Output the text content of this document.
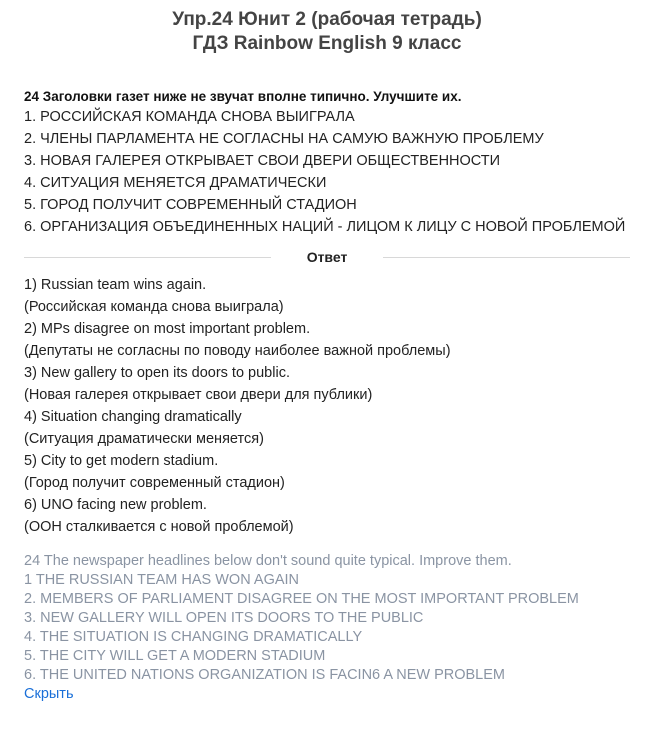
Упр.24 Юнит 2 (рабочая тетрадь)
ГДЗ Rainbow English 9 класс
24 Заголовки газет ниже не звучат вполне типично. Улучшите их.
1. РОССИЙСКАЯ КОМАНДА СНОВА ВЫИГРАЛА
2. ЧЛЕНЫ ПАРЛАМЕНТА НЕ СОГЛАСНЫ НА САМУЮ ВАЖНУЮ ПРОБЛЕМУ
3. НОВАЯ ГАЛЕРЕЯ ОТКРЫВАЕТ СВОИ ДВЕРИ ОБЩЕСТВЕННОСТИ
4. СИТУАЦИЯ МЕНЯЕТСЯ ДРАМАТИЧЕСКИ
5. ГОРОД ПОЛУЧИТ СОВРЕМЕННЫЙ СТАДИОН
6. ОРГАНИЗАЦИЯ ОБЪЕДИНЕННЫХ НАЦИЙ - ЛИЦОМ К ЛИЦУ С НОВОЙ ПРОБЛЕМОЙ
Ответ
1) Russian team wins again.
(Российская команда снова выиграла)
2) MPs disagree on most important problem.
(Депутаты не согласны по поводу наиболее важной проблемы)
3) New gallery to open its doors to public.
(Новая галерея открывает свои двери для публики)
4) Situation changing dramatically
(Ситуация драматически меняется)
5) City to get modern stadium.
(Город получит современный стадион)
6) UNO facing new problem.
(ООН сталкивается с новой проблемой)
24 The newspaper headlines below don't sound quite typical. Improve them.
1 THE RUSSIAN TEAM HAS WON AGAIN
2. MEMBERS OF PARLIAMENT DISAGREE ON THE MOST IMPORTANT PROBLEM
3. NEW GALLERY WILL OPEN ITS DOORS TO THE PUBLIC
4. THE SITUATION IS CHANGING DRAMATICALLY
5. THE CITY WILL GET A MODERN STADIUM
6. THE UNITED NATIONS ORGANIZATION IS FACIN6 A NEW PROBLEM
Скрыть
